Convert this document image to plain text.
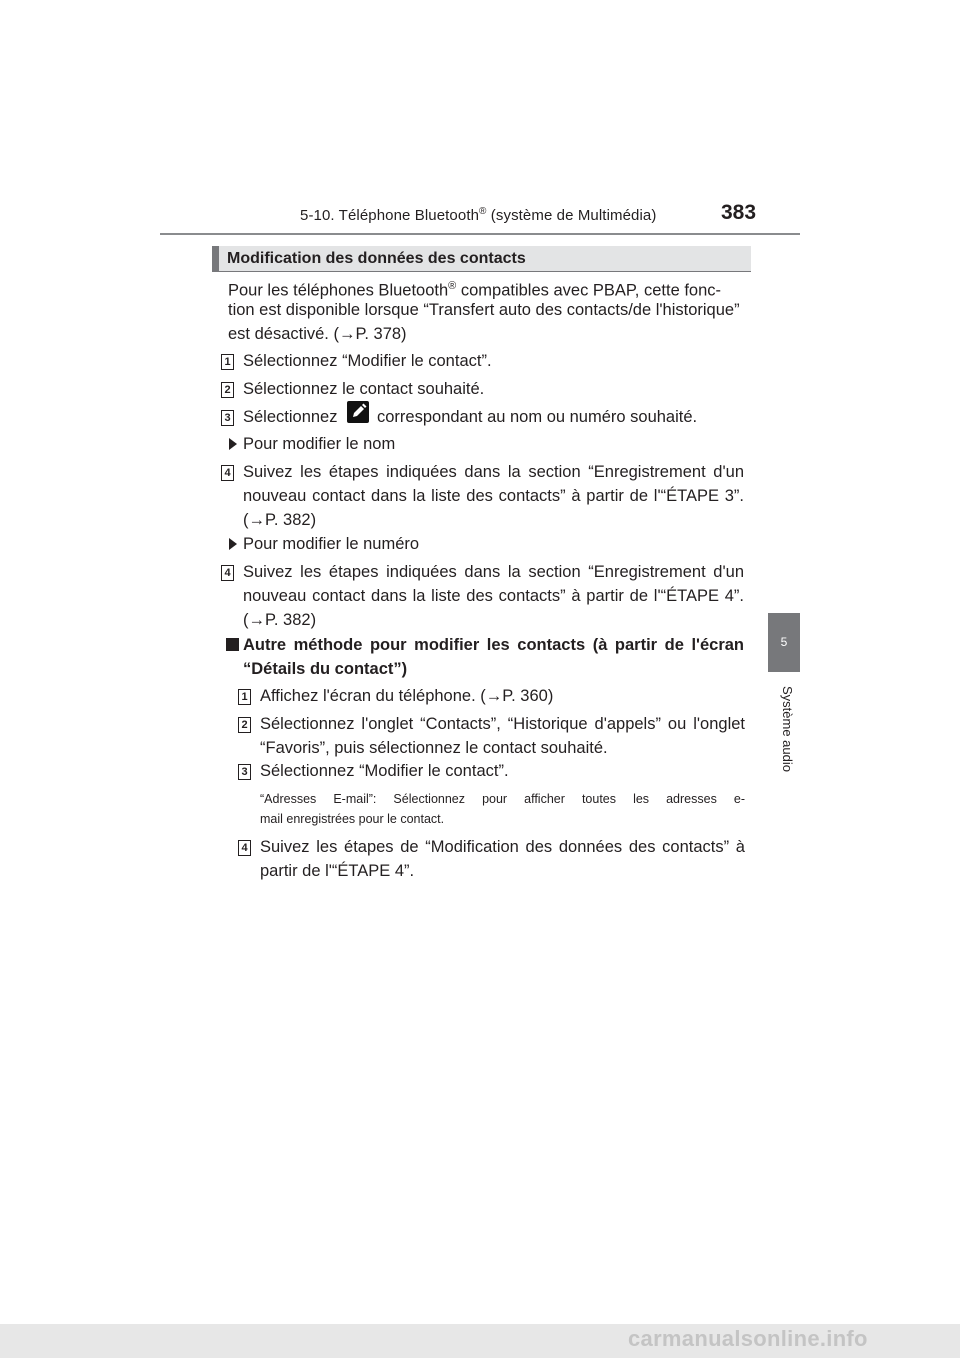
5-10. Téléphone Bluetooth® (système de Multimédia)	383
5
Système audio
Modification des données des contacts
Pour les téléphones Bluetooth® compatibles avec PBAP, cette fonc-
tion est disponible lorsque “Transfert auto des contacts/de l'historique”
est désactivé. (→P. 378)
1 Sélectionnez “Modifier le contact”.
2 Sélectionnez le contact souhaité.
3 Sélectionnez correspondant au nom ou numéro souhaité.
Pour modifier le nom
4 Suivez les étapes indiquées dans la section “Enregistrement d'un
nouveau contact dans la liste des contacts” à partir de l'“ÉTAPE 3”.
(→P. 382)
Pour modifier le numéro
4 Suivez les étapes indiquées dans la section “Enregistrement d'un
nouveau contact dans la liste des contacts” à partir de l'“ÉTAPE 4”.
(→P. 382)
Autre méthode pour modifier les contacts (à partir de l'écran
“Détails du contact”)
1 Affichez l'écran du téléphone. (→P. 360)
2 Sélectionnez l'onglet “Contacts”, “Historique d'appels” ou l'onglet
“Favoris”, puis sélectionnez le contact souhaité.
3 Sélectionnez “Modifier le contact”.
“Adresses E-mail”: Sélectionnez pour afficher toutes les adresses e-
mail enregistrées pour le contact.
4 Suivez les étapes de “Modification des données des contacts” à
partir de l'“ÉTAPE 4”.
carmanualsonline.info
